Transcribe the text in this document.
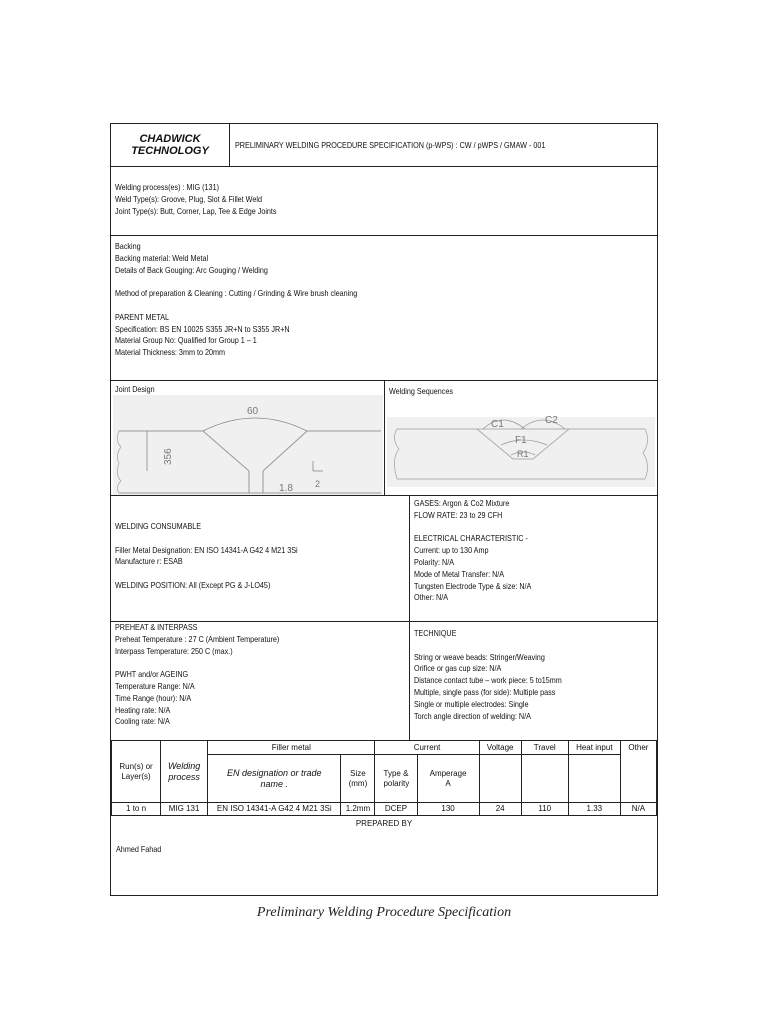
CHADWICK
TECHNOLOGY	PRELIMINARY WELDING PROCEDURE SPECIFICATION (p-WPS) : CW / pWPS / GMAW - 001
Welding process(es) : MIG (131)
Weld Type(s): Groove, Plug, Slot & Fillet Weld
Joint Type(s): Butt, Corner, Lap, Tee & Edge Joints
Backing
Backing material: Weld Metal
Details of Back Gouging: Arc Gouging / Welding
Method of preparation & Cleaning : Cutting / Grinding & Wire brush cleaning
PARENT METAL
Specification: BS EN 10025 S355 JR+N to S355 JR+N
Material Group No: Qualified for Group 1 – 1
Material Thickness: 3mm to 20mm
Joint Design	Welding Sequences
60
356
2
1.8
C1	C2
F1
R1
WELDING CONSUMABLE
Filler Metal Designation: EN ISO 14341-A G42 4 M21 3Si
Manufacture r: ESAB
WELDING POSITION: All (Except PG & J-LO45)
GASES: Argon & Co2 Mixture
FLOW RATE: 23 to 29 CFH
ELECTRICAL CHARACTERISTIC -
Current: up to 130 Amp
Polarity: N/A
Mode of Metal Transfer: N/A
Tungsten Electrode Type & size: N/A
Other: N/A
PREHEAT & INTERPASS
Preheat Temperature : 27 C (Ambient Temperature)
Interpass Temperature: 250 C (max.)
PWHT and/or AGEING
Temperature Range: N/A
Time Range (hour): N/A
Heating rate: N/A
Cooling rate: N/A
TECHNIQUE
String or weave beads: Stringer/Weaving
Orifice or gas cup size: N/A
Distance contact tube – work piece: 5 to15mm
Multiple, single pass (for side): Multiple pass
Single or multiple electrodes: Single
Torch angle direction of welding: N/A
Run(s) or Layer(s)	Welding process	Filler metal		Current		Voltage	Travel	Heat input	Other
		EN designation or trade name .	Size (mm)	Type & polarity	Amperage A				
1 to n	MIG 131	EN ISO 14341-A G42 4 M21 3Si	1.2mm	DCEP	130	24	110	1.33	N/A
PREPARED BY
Ahmed Fahad
Preliminary Welding Procedure Specification
